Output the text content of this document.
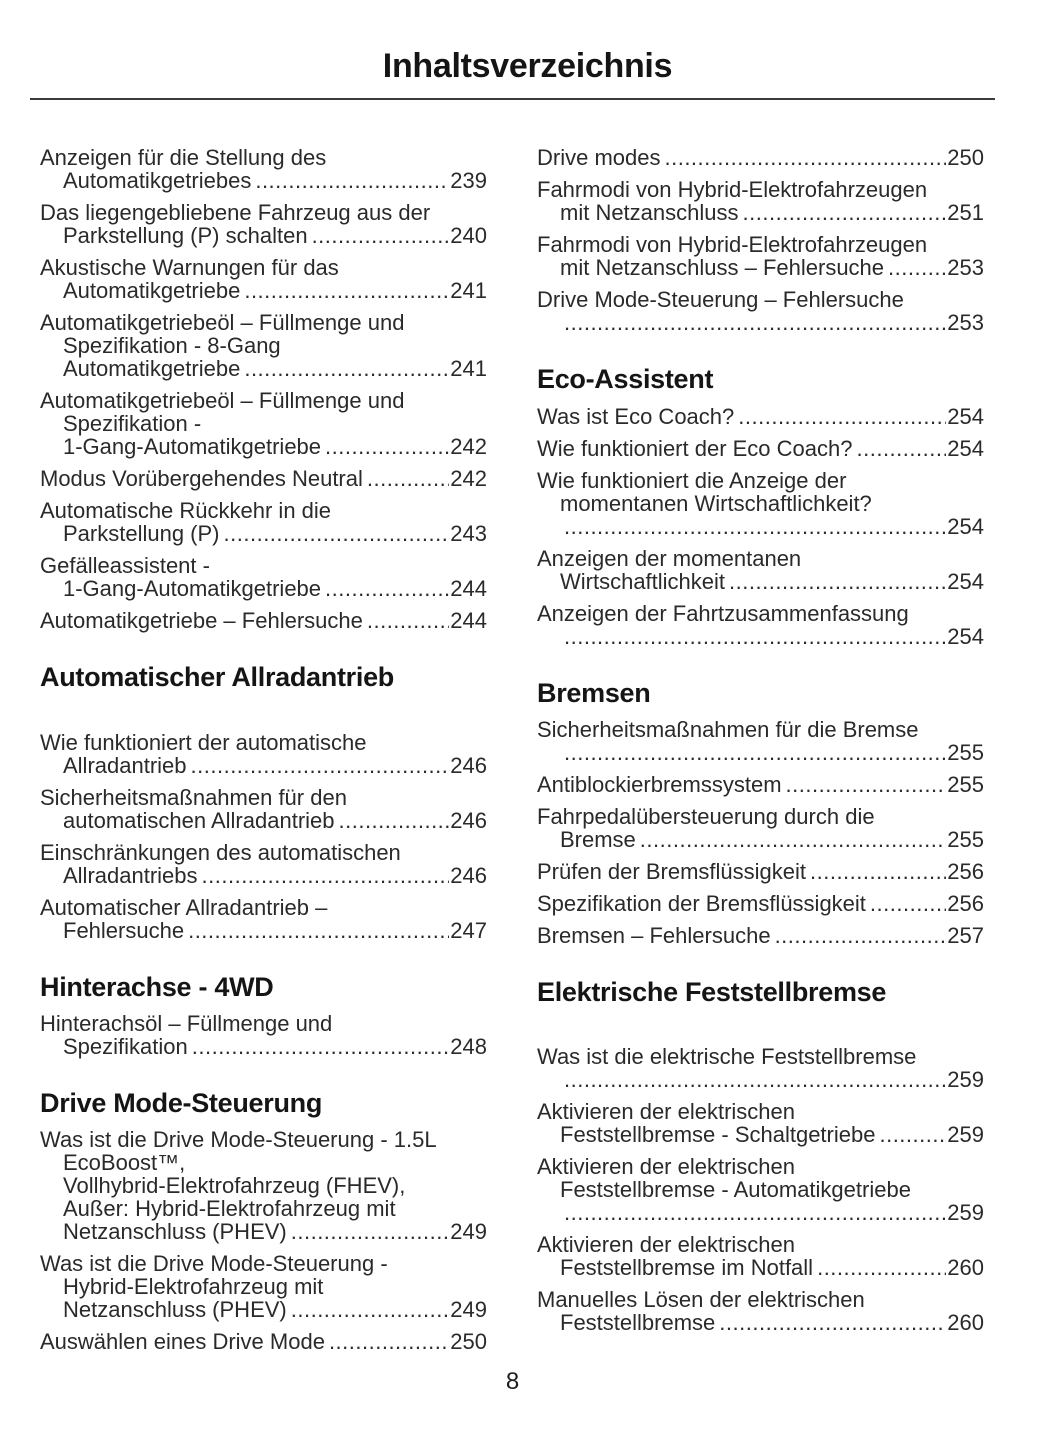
Inhaltsverzeichnis
Anzeigen für die Stellung des
Automatikgetriebes .....	239
Das liegengebliebene Fahrzeug aus der
Parkstellung (P) schalten .....	240
Akustische Warnungen für das
Automatikgetriebe .....	241
Automatikgetriebeöl – Füllmenge und
Spezifikation - 8-Gang
Automatikgetriebe .....	241
Automatikgetriebeöl – Füllmenge und
Spezifikation -
1-Gang-Automatikgetriebe .....	242
Modus Vorübergehendes Neutral .....	242
Automatische Rückkehr in die
Parkstellung (P) .....	243
Gefälleassistent -
1-Gang-Automatikgetriebe .....	244
Automatikgetriebe – Fehlersuche .....	244
Automatischer Allradantrieb
Wie funktioniert der automatische
Allradantrieb .....	246
Sicherheitsmaßnahmen für den
automatischen Allradantrieb .....	246
Einschränkungen des automatischen
Allradantriebs .....	246
Automatischer Allradantrieb –
Fehlersuche .....	247
Hinterachse - 4WD
Hinterachsöl – Füllmenge und
Spezifikation .....	248
Drive Mode-Steuerung
Was ist die Drive Mode-Steuerung - 1.5L
EcoBoost™,
Vollhybrid-Elektrofahrzeug (FHEV),
Außer: Hybrid-Elektrofahrzeug mit
Netzanschluss (PHEV) .....	249
Was ist die Drive Mode-Steuerung -
Hybrid-Elektrofahrzeug mit
Netzanschluss (PHEV) .....	249
Auswählen eines Drive Mode .....	250
Drive modes .....	250
Fahrmodi von Hybrid-Elektrofahrzeugen
mit Netzanschluss .....	251
Fahrmodi von Hybrid-Elektrofahrzeugen
mit Netzanschluss – Fehlersuche .....	253
Drive Mode-Steuerung – Fehlersuche
.....
253
Eco-Assistent
Was ist Eco Coach? .....	254
Wie funktioniert der Eco Coach? .....	254
Wie funktioniert die Anzeige der
momentanen Wirtschaftlichkeit?
.....
254
Anzeigen der momentanen
Wirtschaftlichkeit .....	254
Anzeigen der Fahrtzusammenfassung
.....
254
Bremsen
Sicherheitsmaßnahmen für die Bremse
.....
255
Antiblockierbremssystem .....	255
Fahrpedalübersteuerung durch die
Bremse .....	255
Prüfen der Bremsflüssigkeit .....	256
Spezifikation der Bremsflüssigkeit .....	256
Bremsen – Fehlersuche .....	257
Elektrische Feststellbremse
Was ist die elektrische Feststellbremse
.....
259
Aktivieren der elektrischen
Feststellbremse - Schaltgetriebe .....	259
Aktivieren der elektrischen
Feststellbremse - Automatikgetriebe
.....
259
Aktivieren der elektrischen
Feststellbremse im Notfall .....	260
Manuelles Lösen der elektrischen
Feststellbremse .....	260
8
